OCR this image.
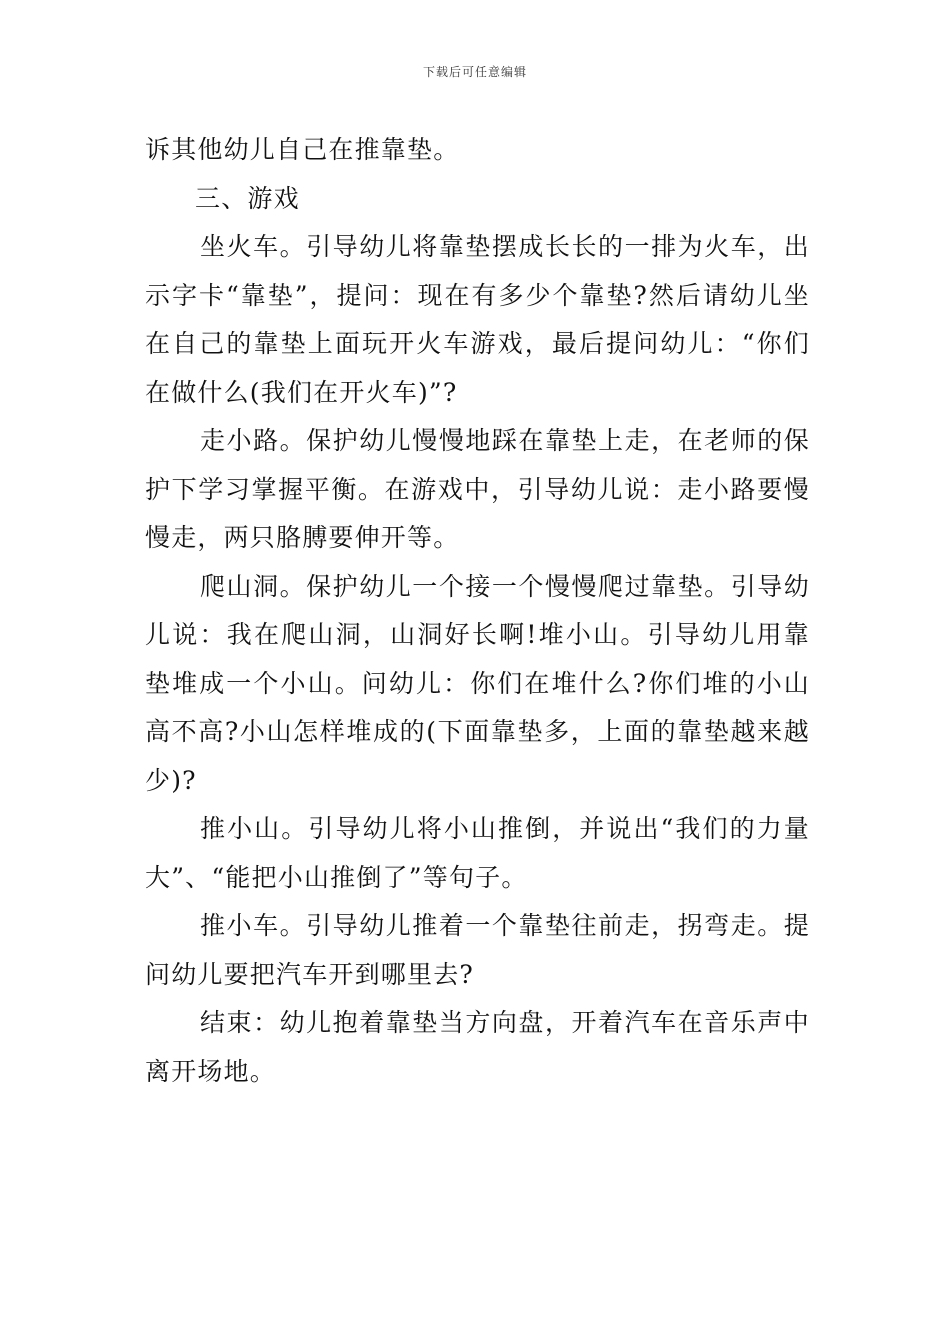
下载后可任意编辑

诉其他幼儿自己在推靠垫。

三、游戏

坐火车。引导幼儿将靠垫摆成长长的一排为火车，出示字卡“靠垫”，提问：现在有多少个靠垫?然后请幼儿坐在自己的靠垫上面玩开火车游戏，最后提问幼儿：“你们在做什么(我们在开火车)”?

走小路。保护幼儿慢慢地踩在靠垫上走，在老师的保护下学习掌握平衡。在游戏中，引导幼儿说：走小路要慢慢走，两只胳膊要伸开等。

爬山洞。保护幼儿一个接一个慢慢爬过靠垫。引导幼儿说：我在爬山洞，山洞好长啊!堆小山。引导幼儿用靠垫堆成一个小山。问幼儿：你们在堆什么?你们堆的小山高不高?小山怎样堆成的(下面靠垫多，上面的靠垫越来越少)?

推小山。引导幼儿将小山推倒，并说出“我们的力量大”、“能把小山推倒了”等句子。

推小车。引导幼儿推着一个靠垫往前走，拐弯走。提问幼儿要把汽车开到哪里去?

结束：幼儿抱着靠垫当方向盘，开着汽车在音乐声中离开场地。
